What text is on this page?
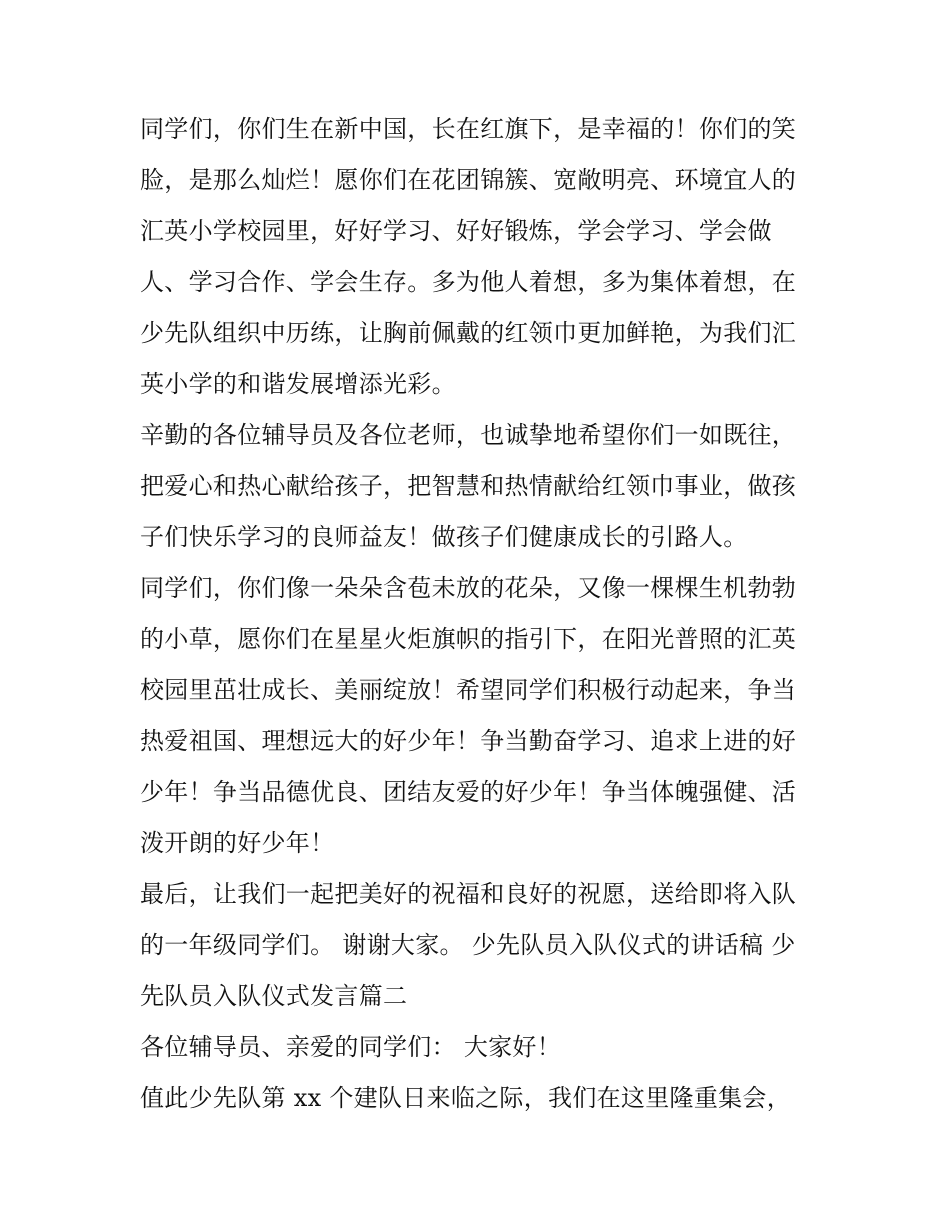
同学们，你们生在新中国，长在红旗下，是幸福的！你们的笑
脸，是那么灿烂！愿你们在花团锦簇、宽敞明亮、环境宜人的
汇英小学校园里，好好学习、好好锻炼，学会学习、学会做
人、学习合作、学会生存。多为他人着想，多为集体着想，在
少先队组织中历练，让胸前佩戴的红领巾更加鲜艳，为我们汇
英小学的和谐发展增添光彩。
辛勤的各位辅导员及各位老师，也诚挚地希望你们一如既往，
把爱心和热心献给孩子，把智慧和热情献给红领巾事业，做孩
子们快乐学习的良师益友！做孩子们健康成长的引路人。
同学们，你们像一朵朵含苞未放的花朵，又像一棵棵生机勃勃
的小草，愿你们在星星火炬旗帜的指引下，在阳光普照的汇英
校园里茁壮成长、美丽绽放！希望同学们积极行动起来，争当
热爱祖国、理想远大的好少年！争当勤奋学习、追求上进的好
少年！争当品德优良、团结友爱的好少年！争当体魄强健、活
泼开朗的好少年！
最后，让我们一起把美好的祝福和良好的祝愿，送给即将入队
的一年级同学们。 谢谢大家。 少先队员入队仪式的讲话稿 少
先队员入队仪式发言篇二
各位辅导员、亲爱的同学们： 大家好！
值此少先队第 xx 个建队日来临之际，我们在这里隆重集会，
